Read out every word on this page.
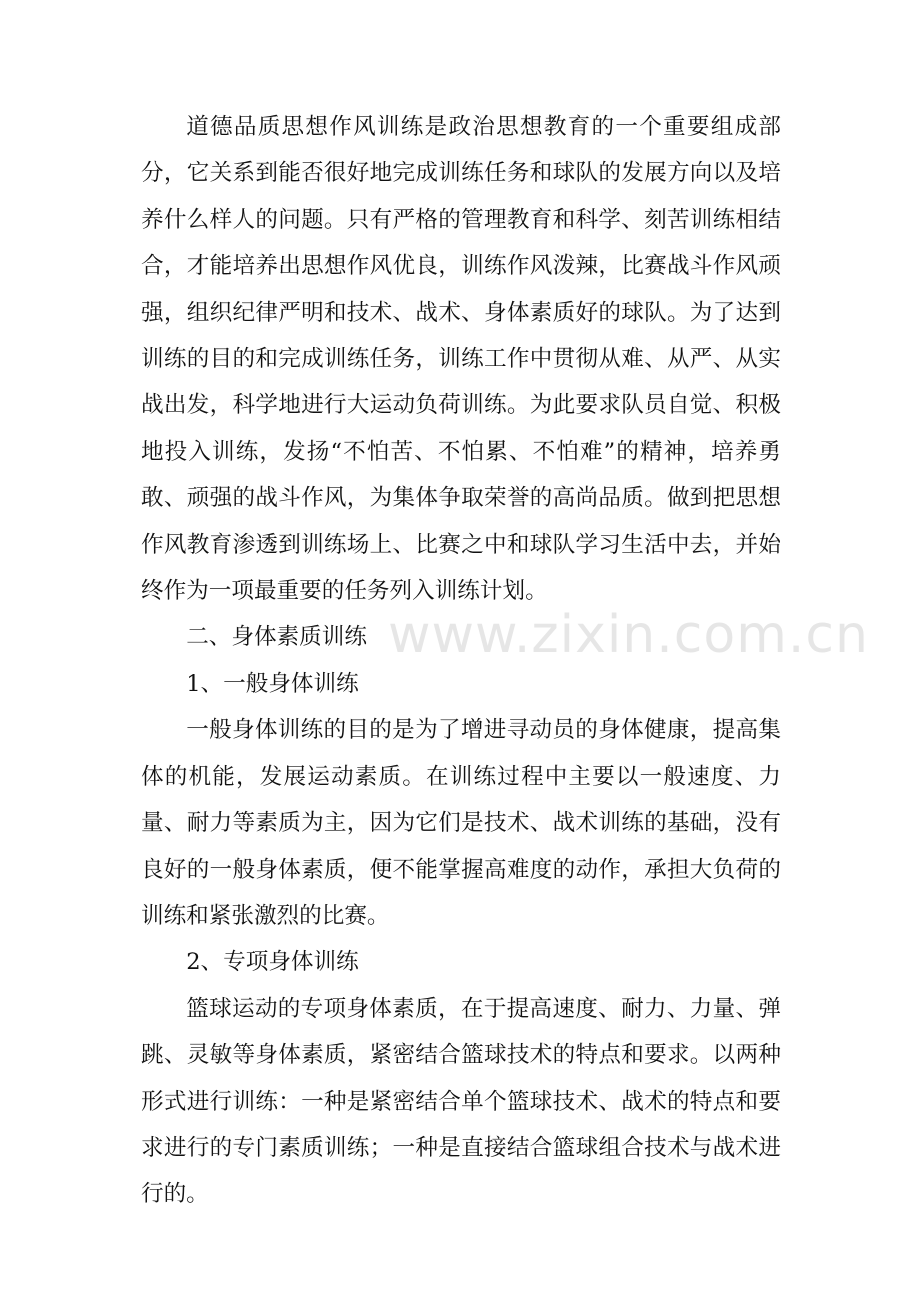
道德品质思想作风训练是政治思想教育的一个重要组成部分，它关系到能否很好地完成训练任务和球队的发展方向以及培养什么样人的问题。只有严格的管理教育和科学、刻苦训练相结合，才能培养出思想作风优良，训练作风泼辣，比赛战斗作风顽强，组织纪律严明和技术、战术、身体素质好的球队。为了达到训练的目的和完成训练任务，训练工作中贯彻从难、从严、从实战出发，科学地进行大运动负荷训练。为此要求队员自觉、积极地投入训练，发扬“不怕苦、不怕累、不怕难”的精神，培养勇敢、顽强的战斗作风，为集体争取荣誉的高尚品质。做到把思想作风教育渗透到训练场上、比赛之中和球队学习生活中去，并始终作为一项最重要的任务列入训练计划。

二、身体素质训练

1、一般身体训练

一般身体训练的目的是为了增进寻动员的身体健康，提高集体的机能，发展运动素质。在训练过程中主要以一般速度、力量、耐力等素质为主，因为它们是技术、战术训练的基础，没有良好的一般身体素质，便不能掌握高难度的动作，承担大负荷的训练和紧张激烈的比赛。

2、专项身体训练

篮球运动的专项身体素质，在于提高速度、耐力、力量、弹跳、灵敏等身体素质，紧密结合篮球技术的特点和要求。以两种形式进行训练：一种是紧密结合单个篮球技术、战术的特点和要求进行的专门素质训练；一种是直接结合篮球组合技术与战术进行的。

www.zixin.com.cn
